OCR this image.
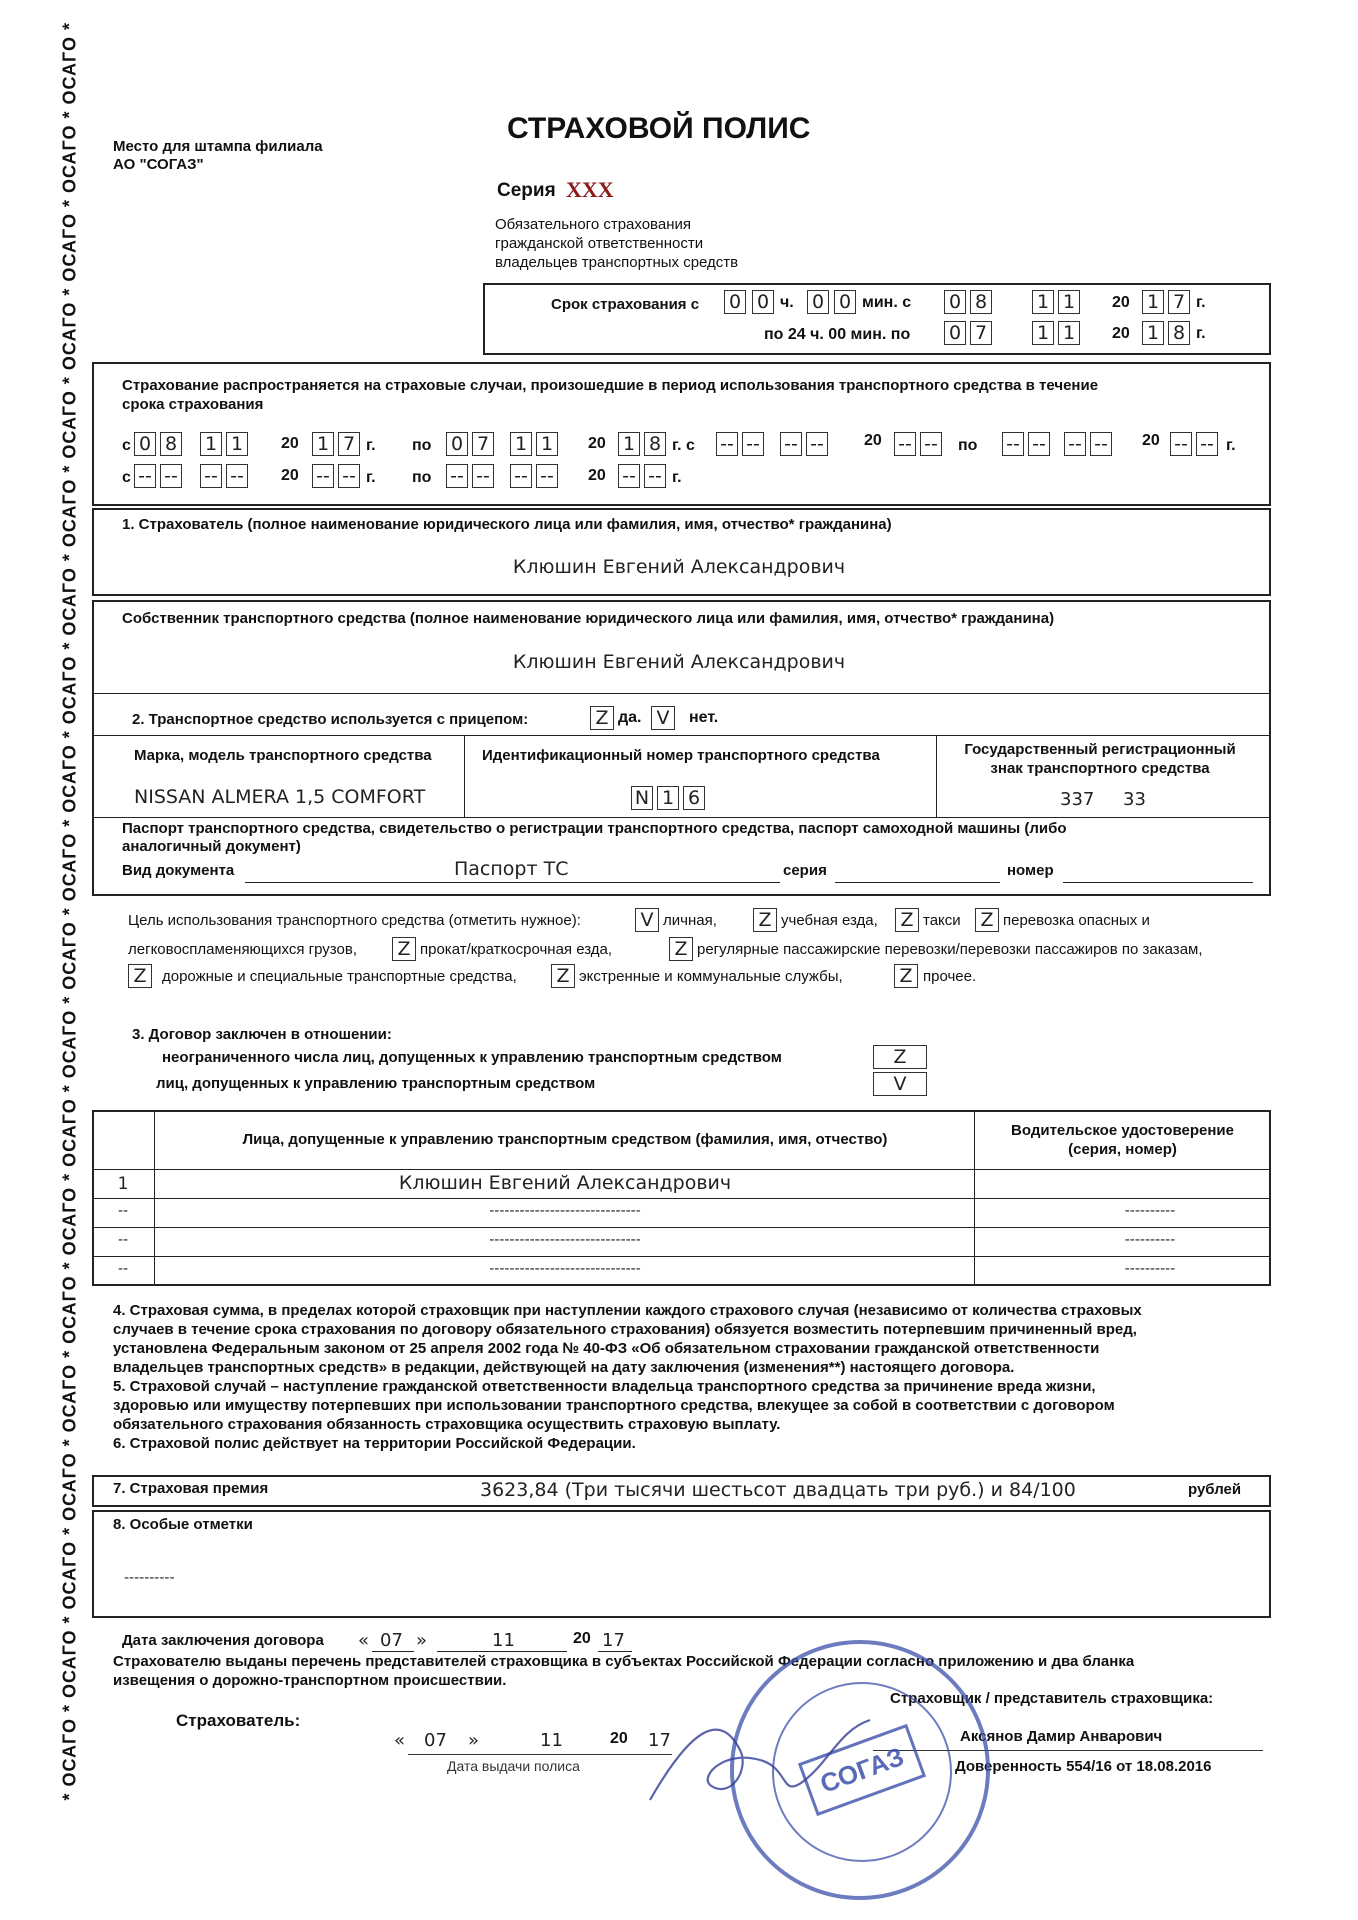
* ОСАГО * ОСАГО * ОСАГО * ОСАГО * ОСАГО * ОСАГО * ОСАГО * ОСАГО * ОСАГО * ОСАГО * ОСАГО * ОСАГО * ОСАГО * ОСАГО * ОСАГО * ОСАГО * ОСАГО * ОСАГО * ОСАГО * ОСАГО * Место для штампа филиала
АО "СОГАЗ"
СТРАХОВОЙ ПОЛИС
Серия ХХХ
Обязательного страхования
гражданской ответственности
владельцев транспортных средств
Срок страхования с 0 0 ч. 0 0 мин. с 0 8	1 1	20 1 7 г.
по 24 ч. 00 мин. по 0 7	1 1	20 1 8 г.
Страхование распространяется на страховые случаи, произошедшие в период использования транспортного средства в течение
срока страхования
с 0 8 1 1	20 1 7 г. по 0 7 1 1	20 1 8 г. с -- -- -- --	20 -- -- по -- -- -- -- 20 -- -- г.
с -- -- -- -- 20 -- -- г. по -- -- -- -- 20 -- -- г.
1. Страхователь (полное наименование юридического лица или фамилия, имя, отчество* гражданина)
Клюшин Евгений Александрович
Собственник транспортного средства (полное наименование юридического лица или фамилия, имя, отчество* гражданина)
Клюшин Евгений Александрович
2. Транспортное средство используется с прицепом:	Z да. V	нет.
Марка, модель транспортного средства	Идентификационный номер транспортного средства	Государственный регистрационный
знак транспортного средства
NISSAN ALMERA 1,5 COMFORT	N 1 6	337 33
Паспорт транспортного средства, свидетельство о регистрации транспортного средства, паспорт самоходной машины (либо
аналогичный документ)
Вид документа	Паспорт ТС	серия	номер
Цель использования транспортного средства (отметить нужное):	V личная, Z учебная езда, Z такси Z перевозка опасных и
легковоспламеняющихся грузов, Z прокат/краткосрочная езда,	Z регулярные пассажирские перевозки/перевозки пассажиров по заказам,
Z	дорожные и специальные транспортные средства, Z экстренные и коммунальные службы,	Z прочее.
3. Договор заключен в отношении:
неограниченного числа лиц, допущенных к управлению транспортным средством	Z
лиц, допущенных к управлению транспортным средством	V
Лица, допущенные к управлению транспортным средством (фамилия, имя, отчество)
Водительское удостоверение
(серия, номер)
1	Клюшин Евгений Александрович
--	------------------------------	----------
--	------------------------------	----------
--	------------------------------	----------
4. Страховая сумма, в пределах которой страховщик при наступлении каждого страхового случая (независимо от количества страховых
случаев в течение срока страхования по договору обязательного страхования) обязуется возместить потерпевшим причиненный вред,
установлена Федеральным законом от 25 апреля 2002 года № 40-ФЗ «Об обязательном страховании гражданской ответственности
владельцев транспортных средств» в редакции, действующей на дату заключения (изменения**) настоящего договора.
5. Страховой случай – наступление гражданской ответственности владельца транспортного средства за причинение вреда жизни,
здоровью или имуществу потерпевших при использовании транспортного средства, влекущее за собой в соответствии с договором
обязательного страхования обязанность страховщика осуществить страховую выплату.
6. Страховой полис действует на территории Российской Федерации.
7. Страховая премия	3623,84 (Три тысячи шестьсот двадцать три руб.) и 84/100	рублей
8. Особые отметки
----------
Дата заключения договора « 07 »	11	20 17
Страхователю выданы перечень представителей страховщика в субъектах Российской Федерации согласно приложению и два бланка
извещения о дорожно-транспортном происшествии.
Страхователь:
« 07 »	11	20 17
Дата выдачи полиса
Страховщик / представитель страховщика:
Аксянов Дамир Анварович
Доверенность 554/16 от 18.08.2016
СОГАЗ
